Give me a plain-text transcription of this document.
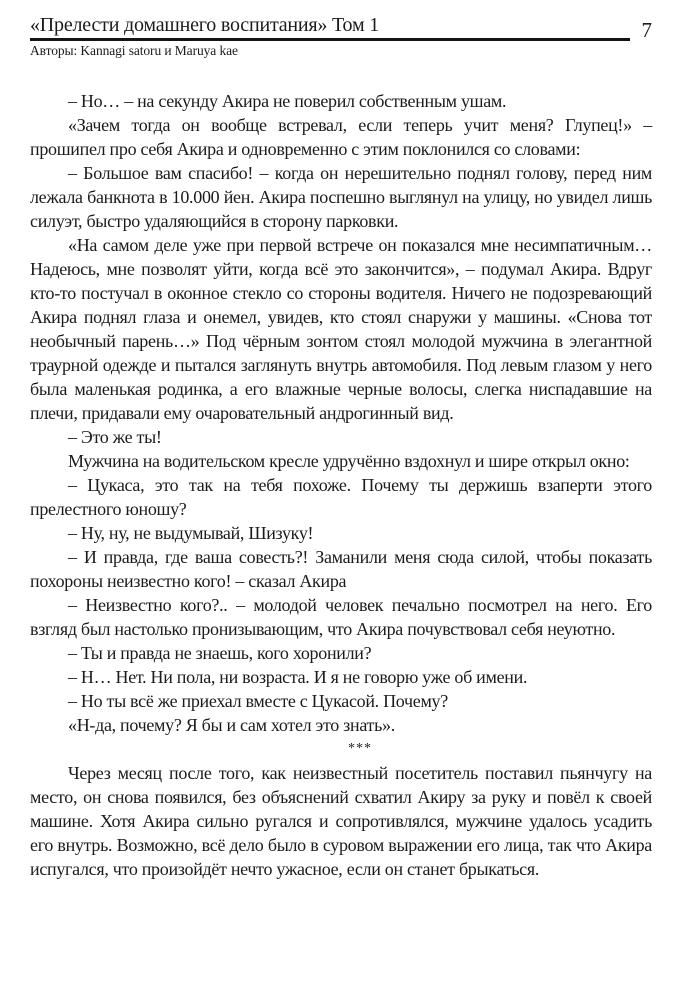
«Прелести домашнего воспитания» Том 1	7
Авторы: Kannagi satoru и Maruya kae

– Но… – на секунду Акира не поверил собственным ушам.

«Зачем тогда он вообще встревал, если теперь учит меня? Глупец!» – прошипел про себя Акира и одновременно с этим поклонился со словами:

– Большое вам спасибо! – когда он нерешительно поднял голову, перед ним лежала банкнота в 10.000 йен. Акира поспешно выглянул на улицу, но увидел лишь силуэт, быстро удаляющийся в сторону парковки.

«На самом деле уже при первой встрече он показался мне несимпатичным… Надеюсь, мне позволят уйти, когда всё это закончится», – подумал Акира. Вдруг кто-то постучал в оконное стекло со стороны водителя. Ничего не подозревающий Акира поднял глаза и онемел, увидев, кто стоял снаружи у машины. «Снова тот необычный парень…» Под чёрным зонтом стоял молодой мужчина в элегантной траурной одежде и пытался заглянуть внутрь автомобиля. Под левым глазом у него была маленькая родинка, а его влажные черные волосы, слегка ниспадавшие на плечи, придавали ему очаровательный андрогинный вид.

– Это же ты!

Мужчина на водительском кресле удручённо вздохнул и шире открыл окно:

– Цукаса, это так на тебя похоже. Почему ты держишь взаперти этого прелестного юношу?

– Ну, ну, не выдумывай, Шизуку!

– И правда, где ваша совесть?! Заманили меня сюда силой, чтобы показать похороны неизвестно кого! – сказал Акира

– Неизвестно кого?.. – молодой человек печально посмотрел на него. Его взгляд был настолько пронизывающим, что Акира почувствовал себя неуютно.

– Ты и правда не знаешь, кого хоронили?

– Н… Нет. Ни пола, ни возраста. И я не говорю уже об имени.

– Но ты всё же приехал вместе с Цукасой. Почему?

«Н-да, почему? Я бы и сам хотел это знать».

***

Через месяц после того, как неизвестный посетитель поставил пьянчугу на место, он снова появился, без объяснений схватил Акиру за руку и повёл к своей машине. Хотя Акира сильно ругался и сопротивлялся, мужчине удалось усадить его внутрь. Возможно, всё дело было в суровом выражении его лица, так что Акира испугался, что произойдёт нечто ужасное, если он станет брыкаться.
